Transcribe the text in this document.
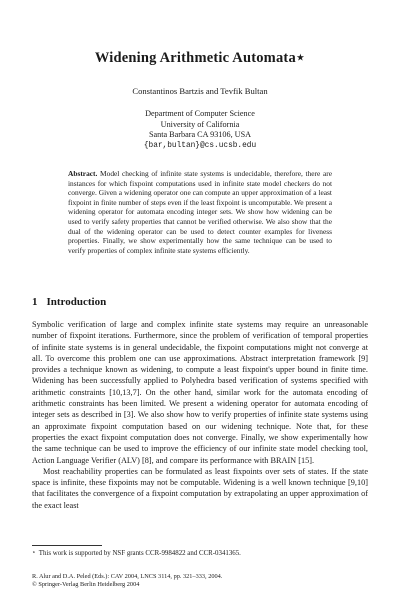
Widening Arithmetic Automata⋆
Constantinos Bartzis and Tevfik Bultan
Department of Computer Science
University of California
Santa Barbara CA 93106, USA
{bar,bultan}@cs.ucsb.edu
Abstract. Model checking of infinite state systems is undecidable, therefore, there are instances for which fixpoint computations used in infinite state model checkers do not converge. Given a widening operator one can compute an upper approximation of a least fixpoint in finite number of steps even if the least fixpoint is uncomputable. We present a widening operator for automata encoding integer sets. We show how widening can be used to verify safety properties that cannot be verified otherwise. We also show that the dual of the widening operator can be used to detect counter examples for liveness properties. Finally, we show experimentally how the same technique can be used to verify properties of complex infinite state systems efficiently.
1 Introduction

Symbolic verification of large and complex infinite state systems may require an unreasonable number of fixpoint iterations. Furthermore, since the problem of verification of temporal properties of infinite state systems is in general undecidable, the fixpoint computations might not converge at all. To overcome this problem one can use approximations. Abstract interpretation framework [9] provides a technique known as widening, to compute a least fixpoint's upper bound in finite time. Widening has been successfully applied to Polyhedra based verification of systems specified with arithmetic constraints [10,13,7]. On the other hand, similar work for the automata encoding of arithmetic constraints has been limited. We present a widening operator for automata encoding of integer sets as described in [3]. We also show how to verify properties of infinite state systems using an approximate fixpoint computation based on our widening technique. Note that, for these properties the exact fixpoint computation does not converge. Finally, we show experimentally how the same technique can be used to improve the efficiency of our infinite state model checking tool, Action Language Verifier (ALV) [8], and compare its performance with BRAIN [15].

Most reachability properties can be formulated as least fixpoints over sets of states. If the state space is infinite, these fixpoints may not be computable. Widening is a well known technique [9,10] that facilitates the convergence of a fixpoint computation by extrapolating an upper approximation of the exact least

⋆ This work is supported by NSF grants CCR-9984822 and CCR-0341365.
R. Alur and D.A. Peled (Eds.): CAV 2004, LNCS 3114, pp. 321–333, 2004.
© Springer-Verlag Berlin Heidelberg 2004
